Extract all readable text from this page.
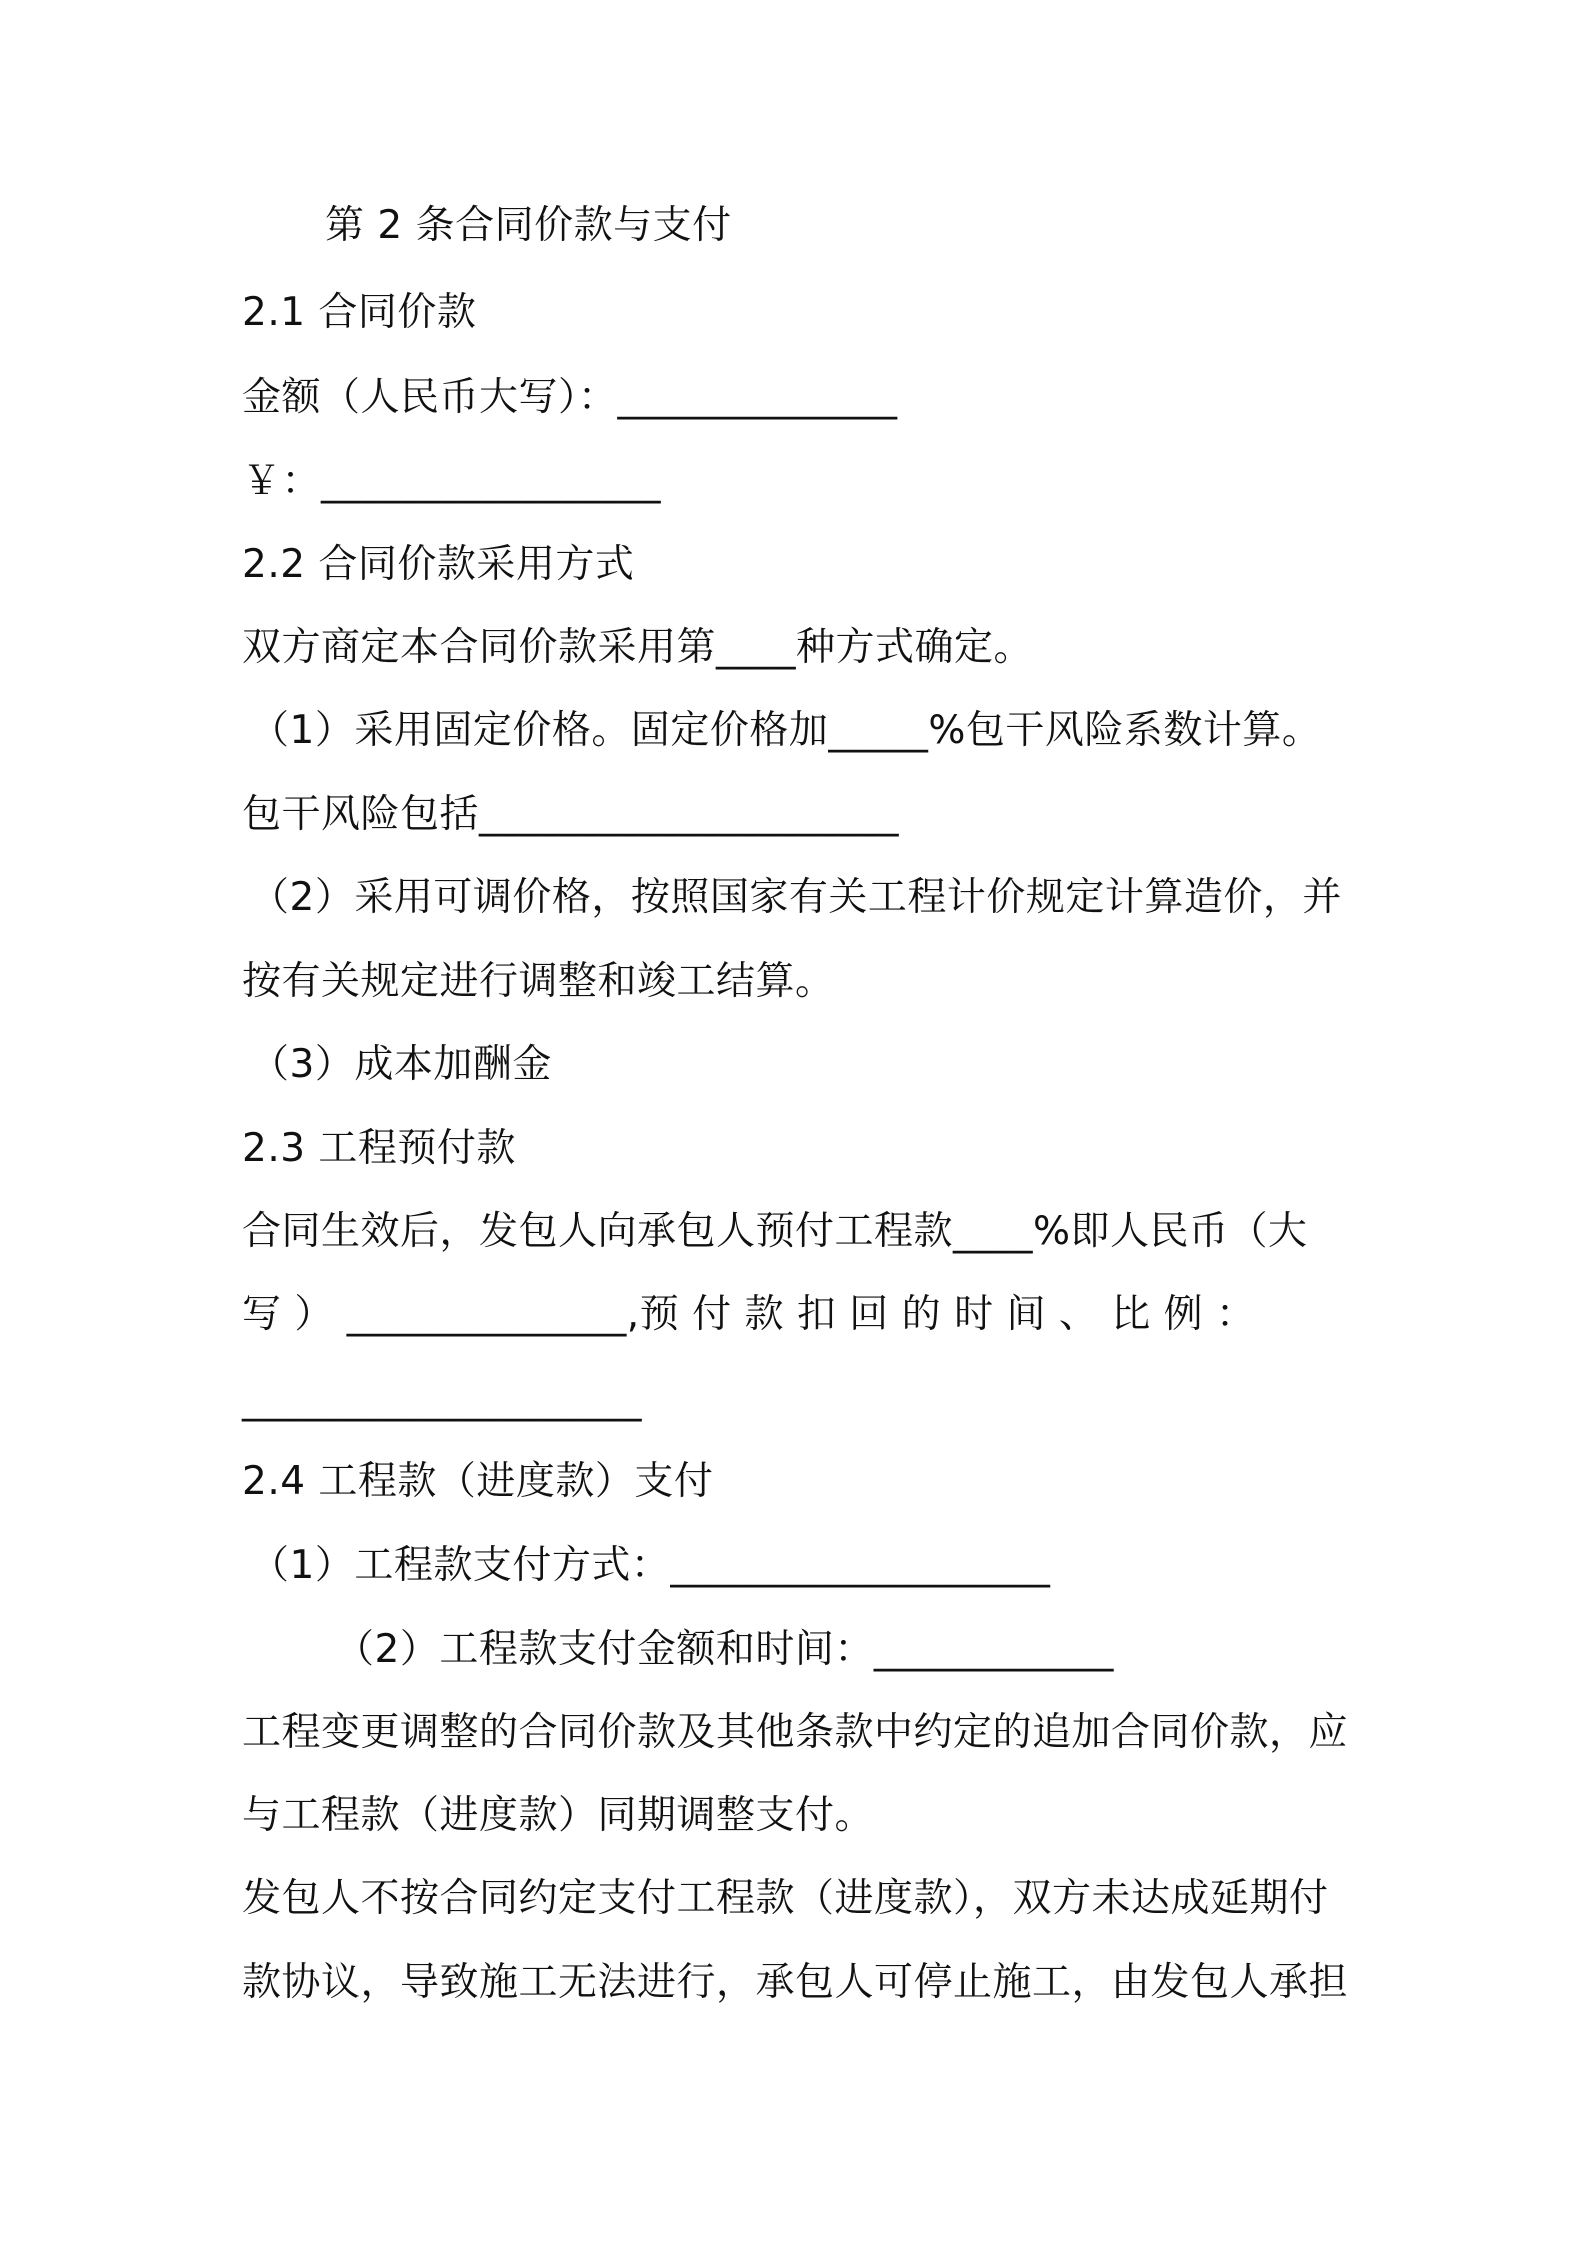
第 2 条合同价款与支付
2.1 合同价款
金额（人民币大写）：______________
￥：_________________
2.2 合同价款采用方式
双方商定本合同价款采用第____种方式确定。
（1）采用固定价格。固定价格加_____%包干风险系数计算。
包干风险包括_____________________
（2）采用可调价格，按照国家有关工程计价规定计算造价，并
按有关规定进行调整和竣工结算。
（3）成本加酬金
2.3 工程预付款
合同生效后，发包人向承包人预付工程款____%即人民币（大
写 ） ______________,预 付 款 扣 回 的 时 间 、 比 例 ：
____________________
2.4 工程款（进度款）支付
（1）工程款支付方式：___________________
（2）工程款支付金额和时间：____________
工程变更调整的合同价款及其他条款中约定的追加合同价款，应
与工程款（进度款）同期调整支付。
发包人不按合同约定支付工程款（进度款），双方未达成延期付
款协议，导致施工无法进行，承包人可停止施工，由发包人承担
